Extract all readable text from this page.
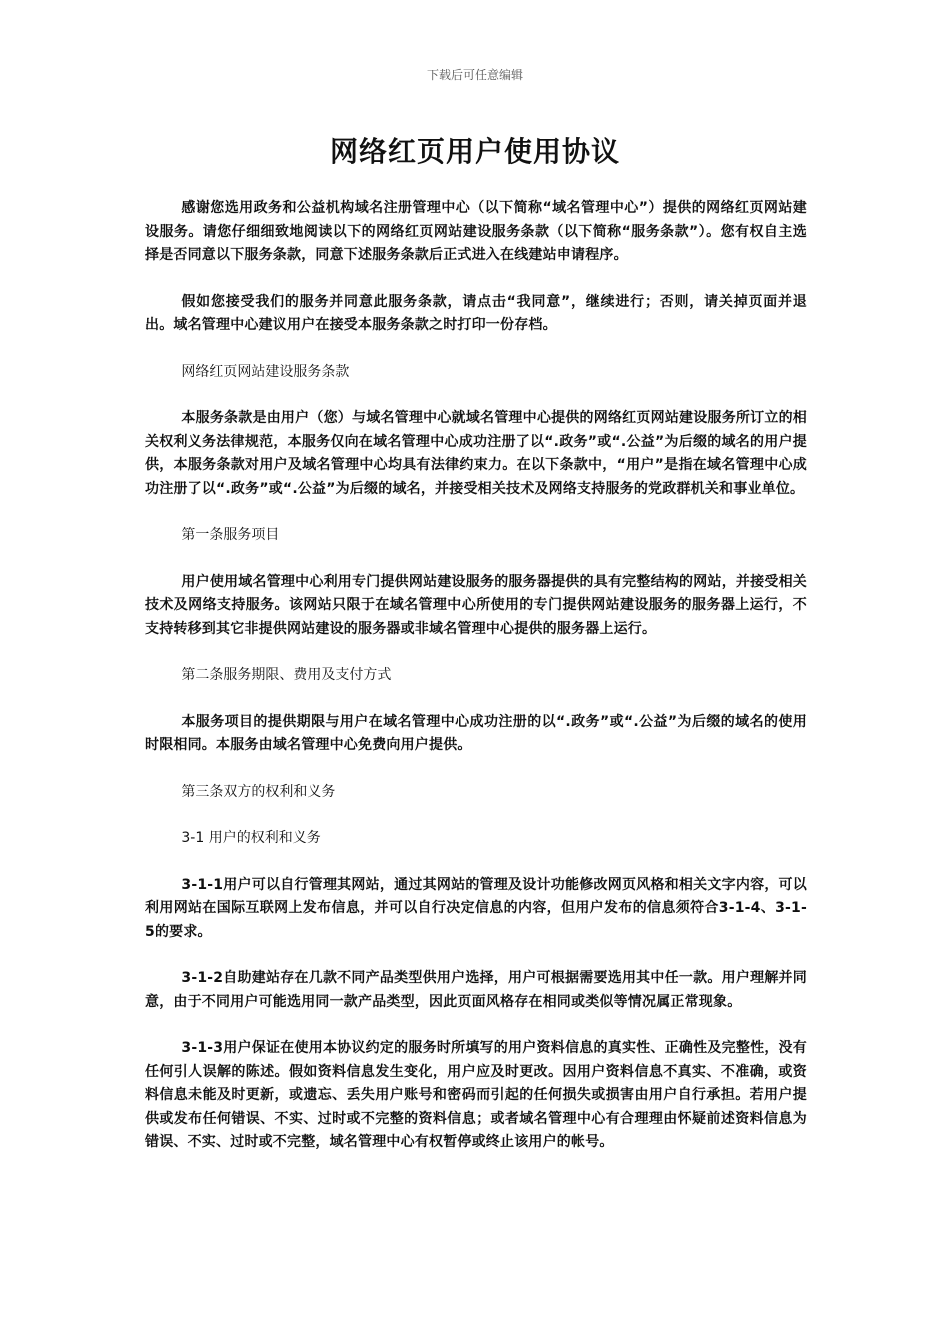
下载后可任意编辑
网络红页用户使用协议

感谢您选用政务和公益机构域名注册管理中心（以下简称“域名管理中心”）提供的网络红页网站建设服务。请您仔细细致地阅读以下的网络红页网站建设服务条款（以下简称“服务条款”）。您有权自主选择是否同意以下服务条款，同意下述服务条款后正式进入在线建站申请程序。

假如您接受我们的服务并同意此服务条款，请点击“我同意”，继续进行；否则，请关掉页面并退出。域名管理中心建议用户在接受本服务条款之时打印一份存档。

网络红页网站建设服务条款

本服务条款是由用户（您）与域名管理中心就域名管理中心提供的网络红页网站建设服务所订立的相关权利义务法律规范，本服务仅向在域名管理中心成功注册了以“.政务”或“.公益”为后缀的域名的用户提供，本服务条款对用户及域名管理中心均具有法律约束力。在以下条款中，“用户”是指在域名管理中心成功注册了以“.政务”或“.公益”为后缀的域名，并接受相关技术及网络支持服务的党政群机关和事业单位。

第一条服务项目

用户使用域名管理中心利用专门提供网站建设服务的服务器提供的具有完整结构的网站，并接受相关技术及网络支持服务。该网站只限于在域名管理中心所使用的专门提供网站建设服务的服务器上运行，不支持转移到其它非提供网站建设的服务器或非域名管理中心提供的服务器上运行。

第二条服务期限、费用及支付方式

本服务项目的提供期限与用户在域名管理中心成功注册的以“.政务”或“.公益”为后缀的域名的使用时限相同。本服务由域名管理中心免费向用户提供。

第三条双方的权利和义务

3-1 用户的权利和义务

3-1-1用户可以自行管理其网站，通过其网站的管理及设计功能修改网页风格和相关文字内容，可以利用网站在国际互联网上发布信息，并可以自行决定信息的内容，但用户发布的信息须符合3-1-4、3-1-5的要求。

3-1-2自助建站存在几款不同产品类型供用户选择，用户可根据需要选用其中任一款。用户理解并同意，由于不同用户可能选用同一款产品类型，因此页面风格存在相同或类似等情况属正常现象。

3-1-3用户保证在使用本协议约定的服务时所填写的用户资料信息的真实性、正确性及完整性，没有任何引人误解的陈述。假如资料信息发生变化，用户应及时更改。因用户资料信息不真实、不准确，或资料信息未能及时更新，或遗忘、丢失用户账号和密码而引起的任何损失或损害由用户自行承担。若用户提供或发布任何错误、不实、过时或不完整的资料信息；或者域名管理中心有合理理由怀疑前述资料信息为错误、不实、过时或不完整，域名管理中心有权暂停或终止该用户的帐号。
